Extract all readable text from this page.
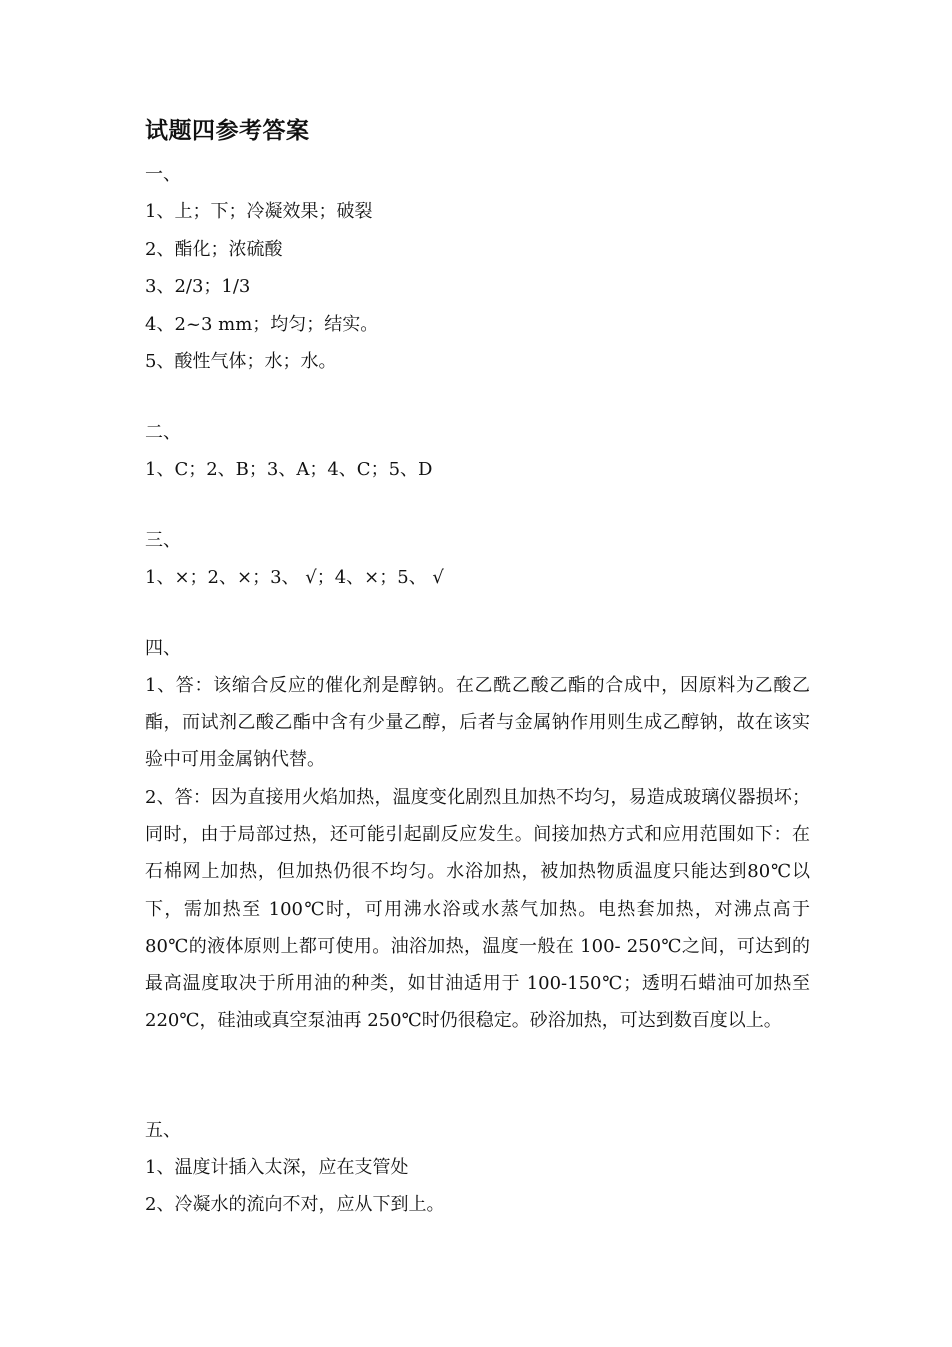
试题四参考答案

一、

1、上；下；冷凝效果；破裂

2、酯化；浓硫酸

3、2/3；1/3

4、2~3 mm；均匀；结实。

5、酸性气体；水；水。

二、

1、C；2、B；3、A；4、C；5、D

三、

1、×；2、×；3、 √；4、×；5、 √

四、

1、答：该缩合反应的催化剂是醇钠。在乙酰乙酸乙酯的合成中，因原料为乙酸乙酯，而试剂乙酸乙酯中含有少量乙醇，后者与金属钠作用则生成乙醇钠，故在该实验中可用金属钠代替。

2、答：因为直接用火焰加热，温度变化剧烈且加热不均匀，易造成玻璃仪器损坏；同时，由于局部过热，还可能引起副反应发生。间接加热方式和应用范围如下：在石棉网上加热，但加热仍很不均匀。水浴加热，被加热物质温度只能达到80℃以下，需加热至 100℃时，可用沸水浴或水蒸气加热。电热套加热，对沸点高于 80℃的液体原则上都可使用。油浴加热，温度一般在 100- 250℃之间，可达到的最高温度取决于所用油的种类，如甘油适用于 100-150℃；透明石蜡油可加热至 220℃，硅油或真空泵油再 250℃时仍很稳定。砂浴加热，可达到数百度以上。

五、

1、温度计插入太深，应在支管处

2、冷凝水的流向不对，应从下到上。
